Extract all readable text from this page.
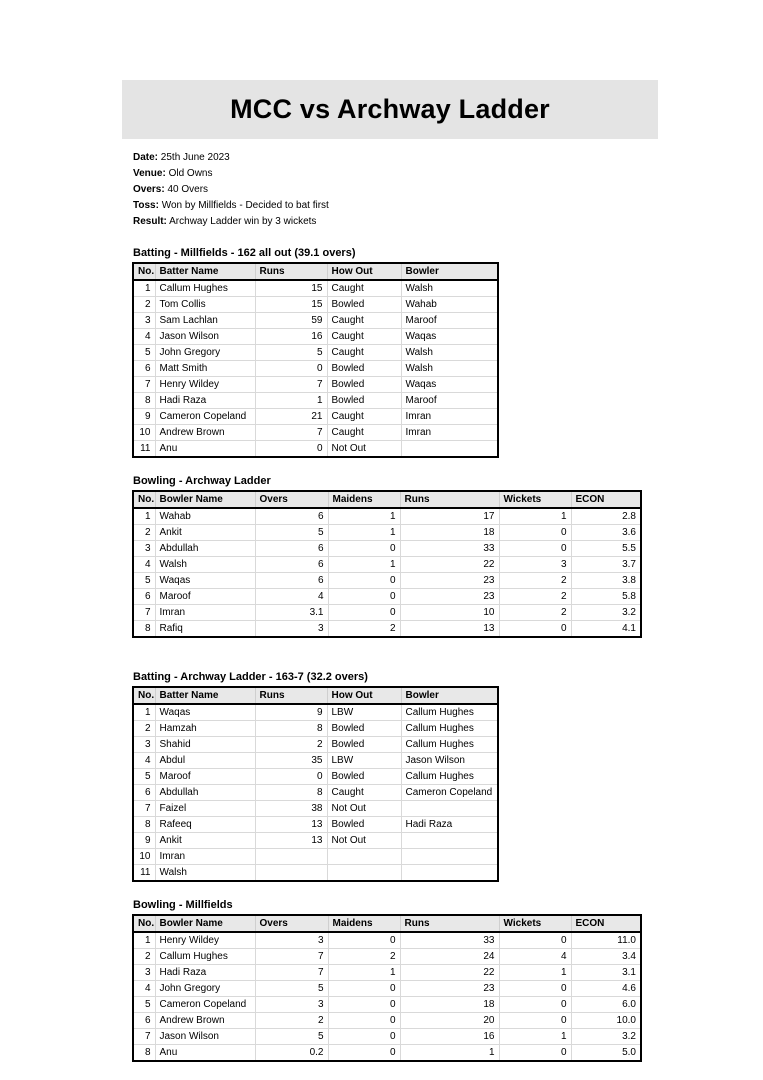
MCC vs Archway Ladder
Date: 25th June 2023
Venue: Old Owns
Overs: 40 Overs
Toss: Won by Millfields - Decided to bat first
Result: Archway Ladder win by 3 wickets
Batting - Millfields - 162 all out (39.1 overs)
No.	Batter Name	Runs	How Out	Bowler
1	Callum Hughes	15	Caught	Walsh
2	Tom Collis	15	Bowled	Wahab
3	Sam Lachlan	59	Caught	Maroof
4	Jason Wilson	16	Caught	Waqas
5	John Gregory	5	Caught	Walsh
6	Matt Smith	0	Bowled	Walsh
7	Henry Wildey	7	Bowled	Waqas
8	Hadi Raza	1	Bowled	Maroof
9	Cameron Copeland	21	Caught	Imran
10	Andrew Brown	7	Caught	Imran
11	Anu	0	Not Out	
Bowling - Archway Ladder
No.	Bowler Name	Overs	Maidens	Runs	Wickets	ECON
1	Wahab	6	1	17	1	2.8
2	Ankit	5	1	18	0	3.6
3	Abdullah	6	0	33	0	5.5
4	Walsh	6	1	22	3	3.7
5	Waqas	6	0	23	2	3.8
6	Maroof	4	0	23	2	5.8
7	Imran	3.1	0	10	2	3.2
8	Rafiq	3	2	13	0	4.1
Batting - Archway Ladder - 163-7 (32.2 overs)
No.	Batter Name	Runs	How Out	Bowler
1	Waqas	9	LBW	Callum Hughes
2	Hamzah	8	Bowled	Callum Hughes
3	Shahid	2	Bowled	Callum Hughes
4	Abdul	35	LBW	Jason Wilson
5	Maroof	0	Bowled	Callum Hughes
6	Abdullah	8	Caught	Cameron Copeland
7	Faizel	38	Not Out	
8	Rafeeq	13	Bowled	Hadi Raza
9	Ankit	13	Not Out	
10	Imran			
11	Walsh			
Bowling - Millfields
No.	Bowler Name	Overs	Maidens	Runs	Wickets	ECON
1	Henry Wildey	3	0	33	0	11.0
2	Callum Hughes	7	2	24	4	3.4
3	Hadi Raza	7	1	22	1	3.1
4	John Gregory	5	0	23	0	4.6
5	Cameron Copeland	3	0	18	0	6.0
6	Andrew Brown	2	0	20	0	10.0
7	Jason Wilson	5	0	16	1	3.2
8	Anu	0.2	0	1	0	5.0
